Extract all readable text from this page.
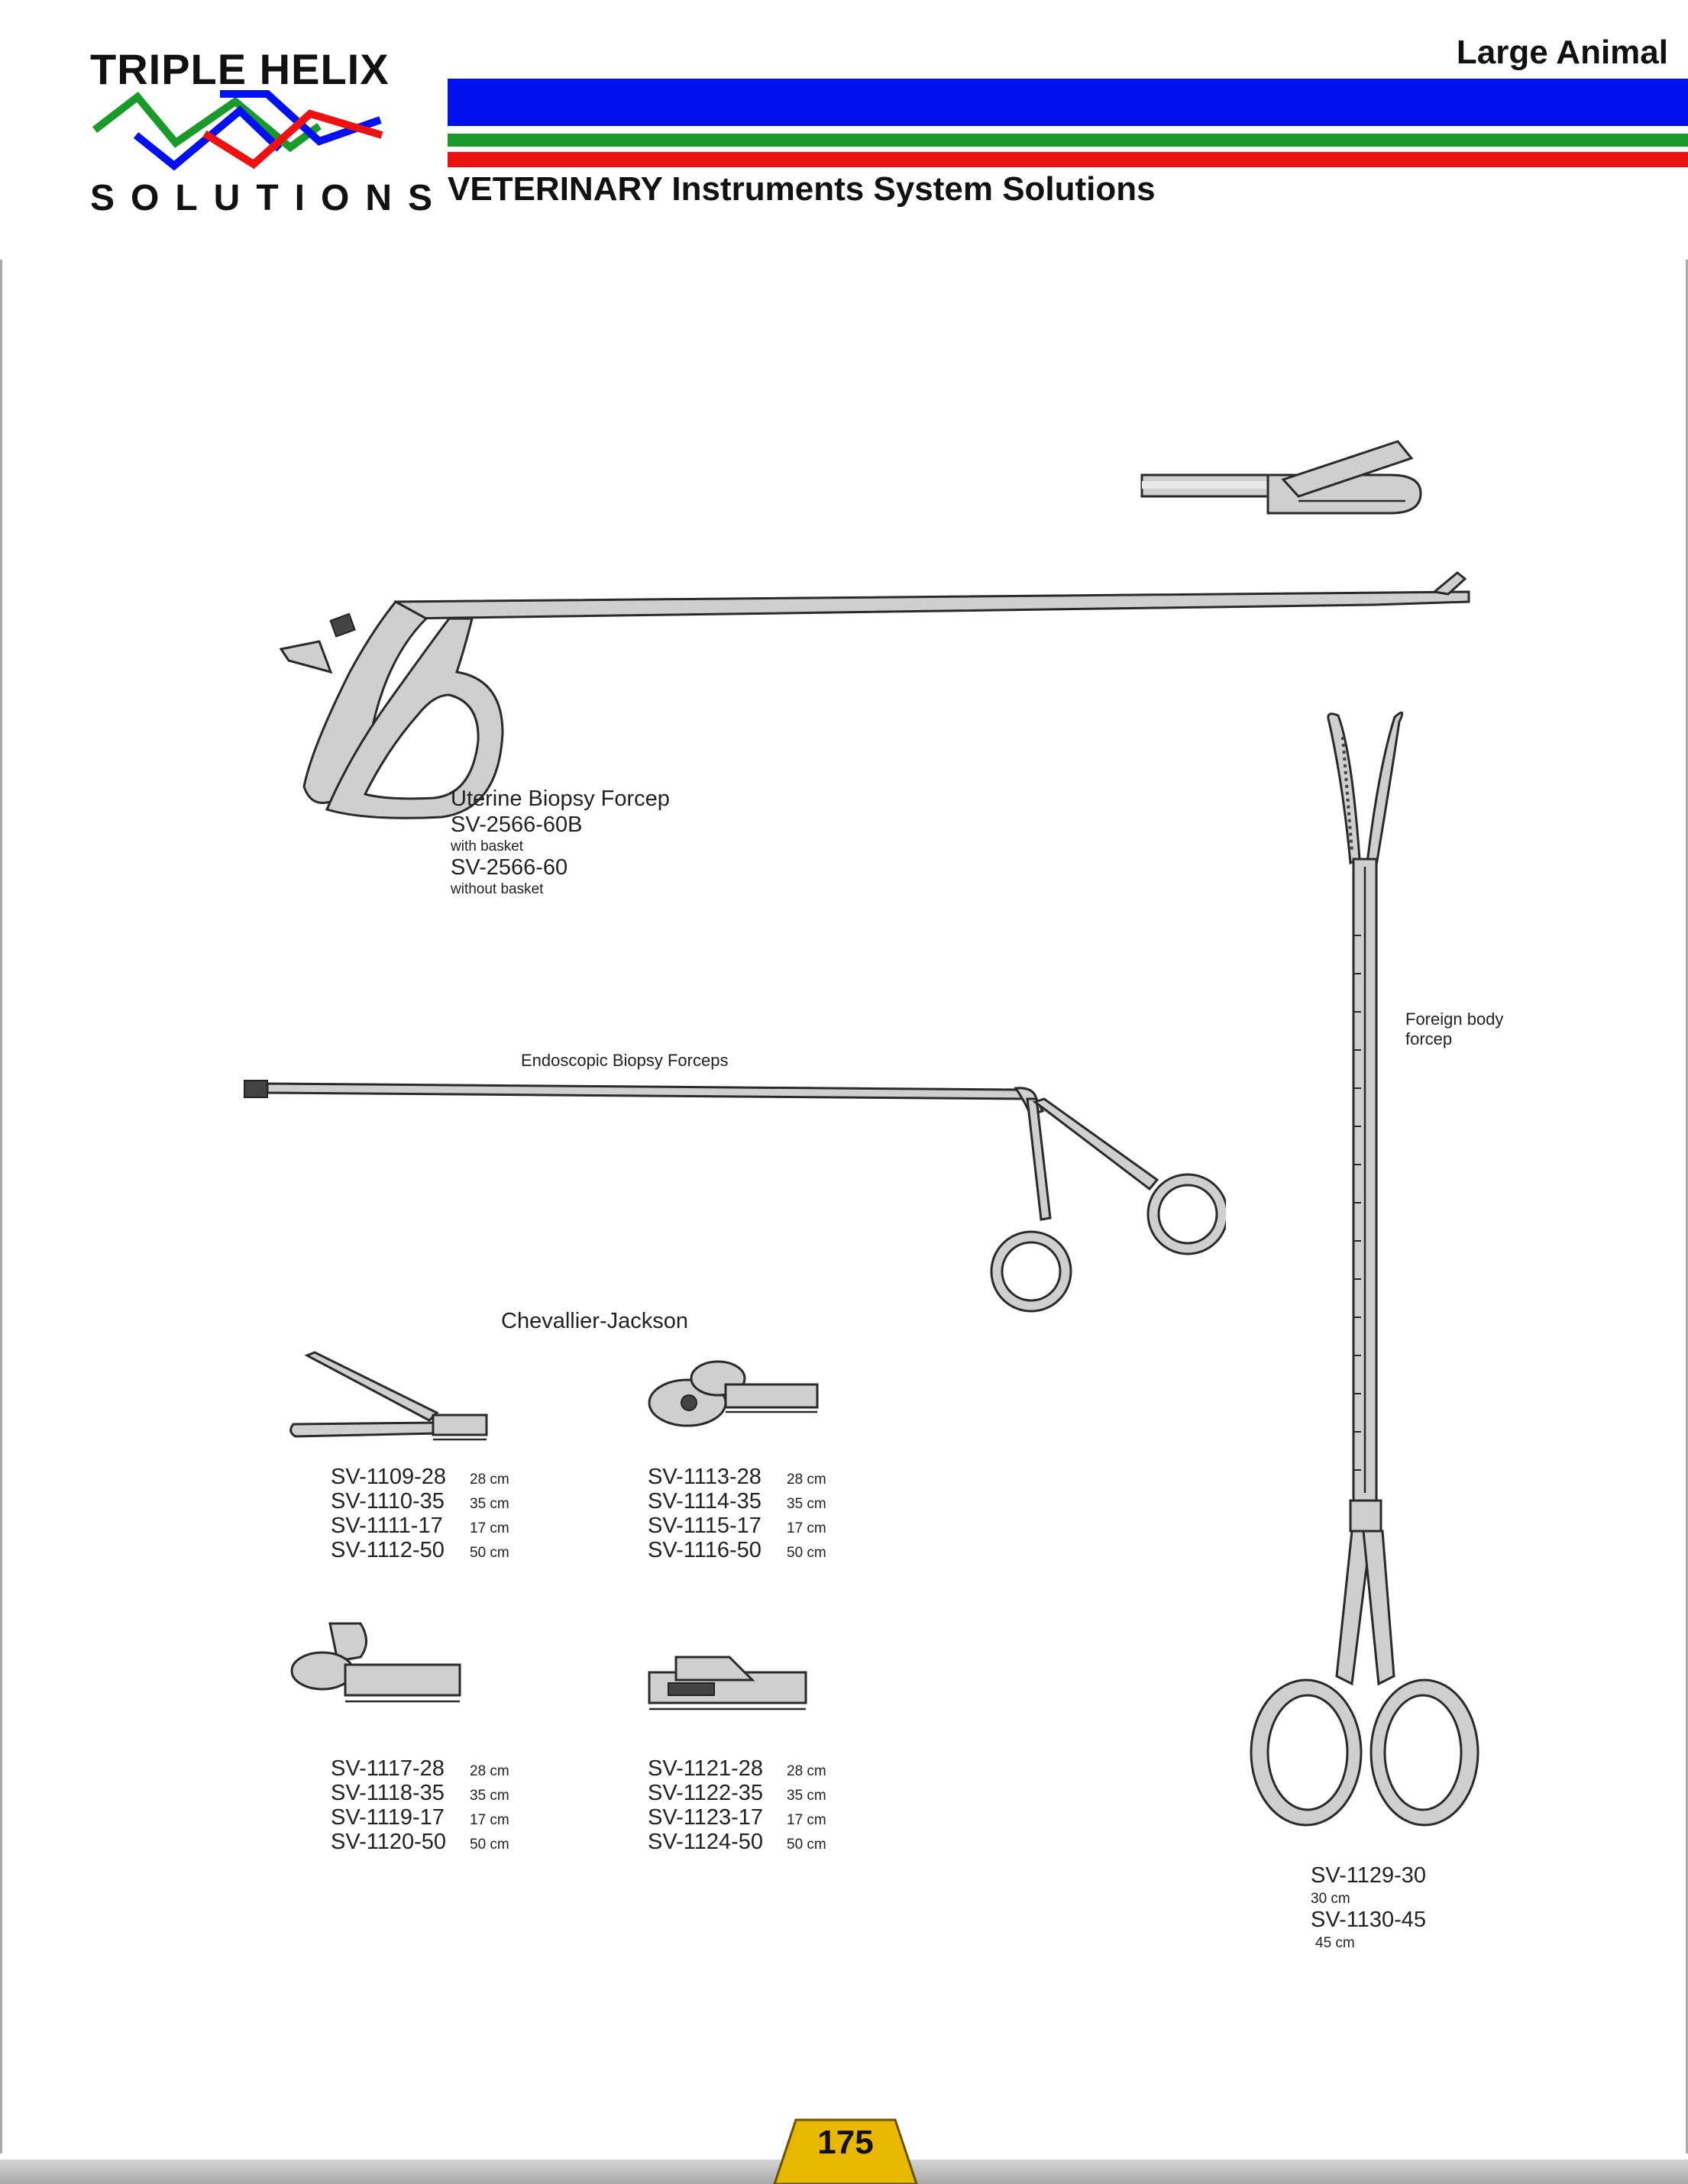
TRIPLE HELIX
SOLUTIONS
Large Animal
VETERINARY Instruments System Solutions
Uterine Biopsy Forcep
SV-2566-60B
with basket
SV-2566-60
without basket
Endoscopic Biopsy Forceps
Chevallier-Jackson
SV-1109-28 28 cm
SV-1110-35 35 cm
SV-1111-17 17 cm
SV-1112-50 50 cm
SV-1113-28 28 cm
SV-1114-35 35 cm
SV-1115-17 17 cm
SV-1116-50 50 cm
SV-1117-28 28 cm
SV-1118-35 35 cm
SV-1119-17 17 cm
SV-1120-50 50 cm
SV-1121-28 28 cm
SV-1122-35 35 cm
SV-1123-17 17 cm
SV-1124-50 50 cm
Foreign body
forcep
SV-1129-30
30 cm
SV-1130-45
45 cm
175
